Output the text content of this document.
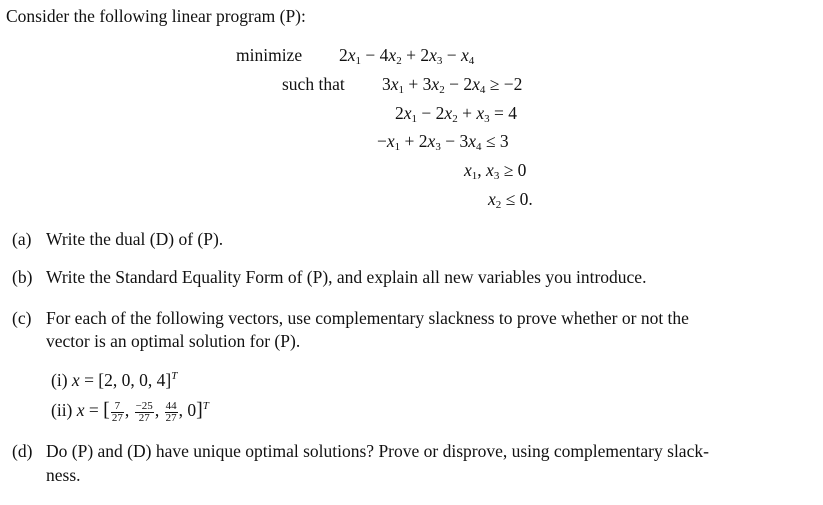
Consider the following linear program (P):
minimize $2x_1 - 4x_2 + 2x_3 - x_4$
such that $3x_1 + 3x_2 - 2x_4 \ge -2$
$2x_1 - 2x_2 + x_3 = 4$
$-x_1 + 2x_3 - 3x_4 \le 3$
$x_1$, $x_3 \ge 0$
$x_2 \le 0$.
(a) Write the dual (D) of (P).
(b) Write the Standard Equality Form of (P), and explain all new variables you introduce.
(c) For each of the following vectors, use complementary slackness to prove whether or not the
vector is an optimal solution for (P).
(i) x = [2, 0, 0, 4]$^T$
(ii) x = [ $\frac{7}{27}$ , $\frac{-25}{27}$ , $\frac{44}{27}$ , 0]$^T$
(d) Do (P) and (D) have unique optimal solutions? Prove or disprove, using complementary slack-
ness.
